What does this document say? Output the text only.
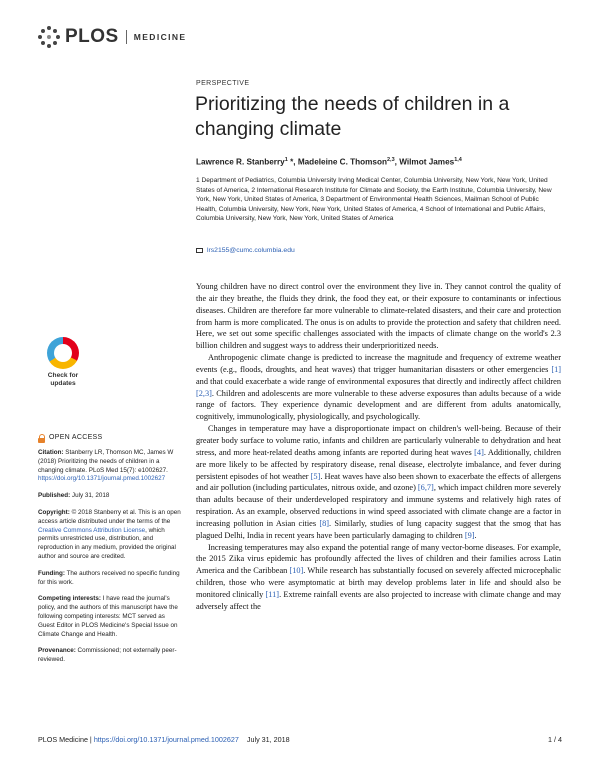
PLOS MEDICINE
PERSPECTIVE
Prioritizing the needs of children in a changing climate
Lawrence R. Stanberry$^1$ *, Madeleine C. Thomson$^{2,3}$, Wilmot James$^{1,4}$
1 Department of Pediatrics, Columbia University Irving Medical Center, Columbia University, New York, New York, United States of America, 2 International Research Institute for Climate and Society, the Earth Institute, Columbia University, New York, New York, United States of America, 3 Department of Environmental Health Sciences, Mailman School of Public Health, Columbia University, New York, New York, United States of America, 4 School of International and Public Affairs, Columbia University, New York, New York, United States of America
lrs2155@cumc.columbia.edu
Check for updates
OPEN ACCESS
Citation: Stanberry LR, Thomson MC, James W (2018) Prioritizing the needs of children in a changing climate. PLoS Med 15(7): e1002627. https://doi.org/10.1371/journal.pmed.1002627
Published: July 31, 2018
Copyright: © 2018 Stanberry et al. This is an open access article distributed under the terms of the Creative Commons Attribution License, which permits unrestricted use, distribution, and reproduction in any medium, provided the original author and source are credited.
Funding: The authors received no specific funding for this work.
Competing interests: I have read the journal's policy, and the authors of this manuscript have the following competing interests: MCT served as Guest Editor in PLOS Medicine's Special Issue on Climate Change and Health.
Provenance: Commissioned; not externally peer-reviewed.

Young children have no direct control over the environment they live in. They cannot control the quality of the air they breathe, the fluids they drink, the food they eat, or their exposure to contaminants or infectious diseases. Children are therefore far more vulnerable to climate-related disasters, and their care and protection from harm is more complicated. The onus is on adults to provide the protection and safety that children need. Here, we set out some specific challenges associated with the impacts of climate change on the world's 2.3 billion children and suggest ways to address their underprioritized needs.

Anthropogenic climate change is predicted to increase the magnitude and frequency of extreme weather events (e.g., floods, droughts, and heat waves) that trigger humanitarian disasters or other emergencies [1] and that could exacerbate a wide range of environmental exposures that directly and indirectly affect children [2,3]. Children and adolescents are more vulnerable to these adverse exposures than adults because of a wide range of factors. They experience dynamic development and are different from adults anatomically, cognitively, immunologically, physiologically, and psychologically.

Changes in temperature may have a disproportionate impact on children's well-being. Because of their greater body surface to volume ratio, infants and children are particularly vulnerable to dehydration and heat stress, and more heat-related deaths among infants are reported during heat waves [4]. Additionally, children are more likely to be affected by respiratory disease, renal disease, electrolyte imbalance, and fever during persistent episodes of hot weather [5]. Heat waves have also been shown to exacerbate the effects of allergens and air pollution (including particulates, nitrous oxide, and ozone) [6,7], which impact children more severely than adults because of their underdeveloped respiratory and immune systems and relatively high rates of respiration. As an example, observed reductions in wind speed associated with climate change are a factor in increasing pollution in Asian cities [8]. Similarly, studies of lung capacity suggest that the smog that has plagued Delhi, India in recent years have been particularly damaging to children [9].

Increasing temperatures may also expand the potential range of many vector-borne diseases. For example, the 2015 Zika virus epidemic has profoundly affected the lives of children and their families across Latin America and the Caribbean [10]. While research has substantially focused on severely affected microcephalic children, those who were asymptomatic at birth may develop problems later in life and should also be monitored clinically [11]. Extreme rainfall events are also projected to increase with climate change and may adversely affect the

PLOS Medicine | https://doi.org/10.1371/journal.pmed.1002627 July 31, 2018	1 / 4
